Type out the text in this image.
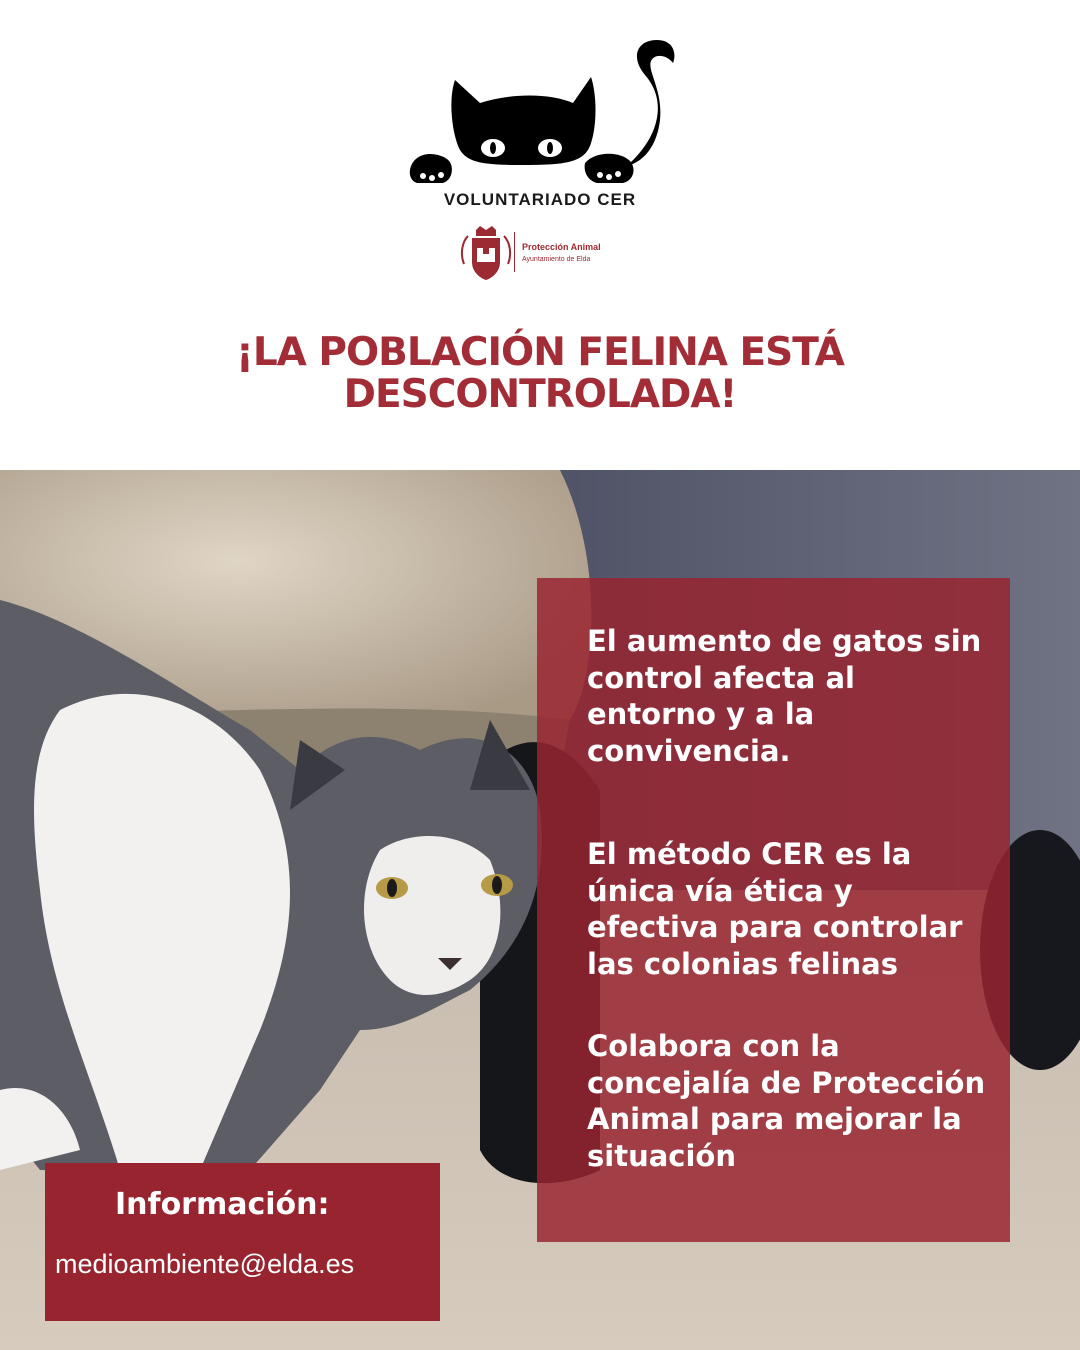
VOLUNTARIADO CER
Protección Animal
Ayuntamiento de Elda
¡LA POBLACIÓN FELINA ESTÁ DESCONTROLADA!
El aumento de gatos sin control afecta al entorno y a la convivencia.
El método CER es la única vía ética y efectiva para controlar las colonias felinas
Colabora con la concejalía de Protección Animal para mejorar la situación
Información:
medioambiente@elda.es
